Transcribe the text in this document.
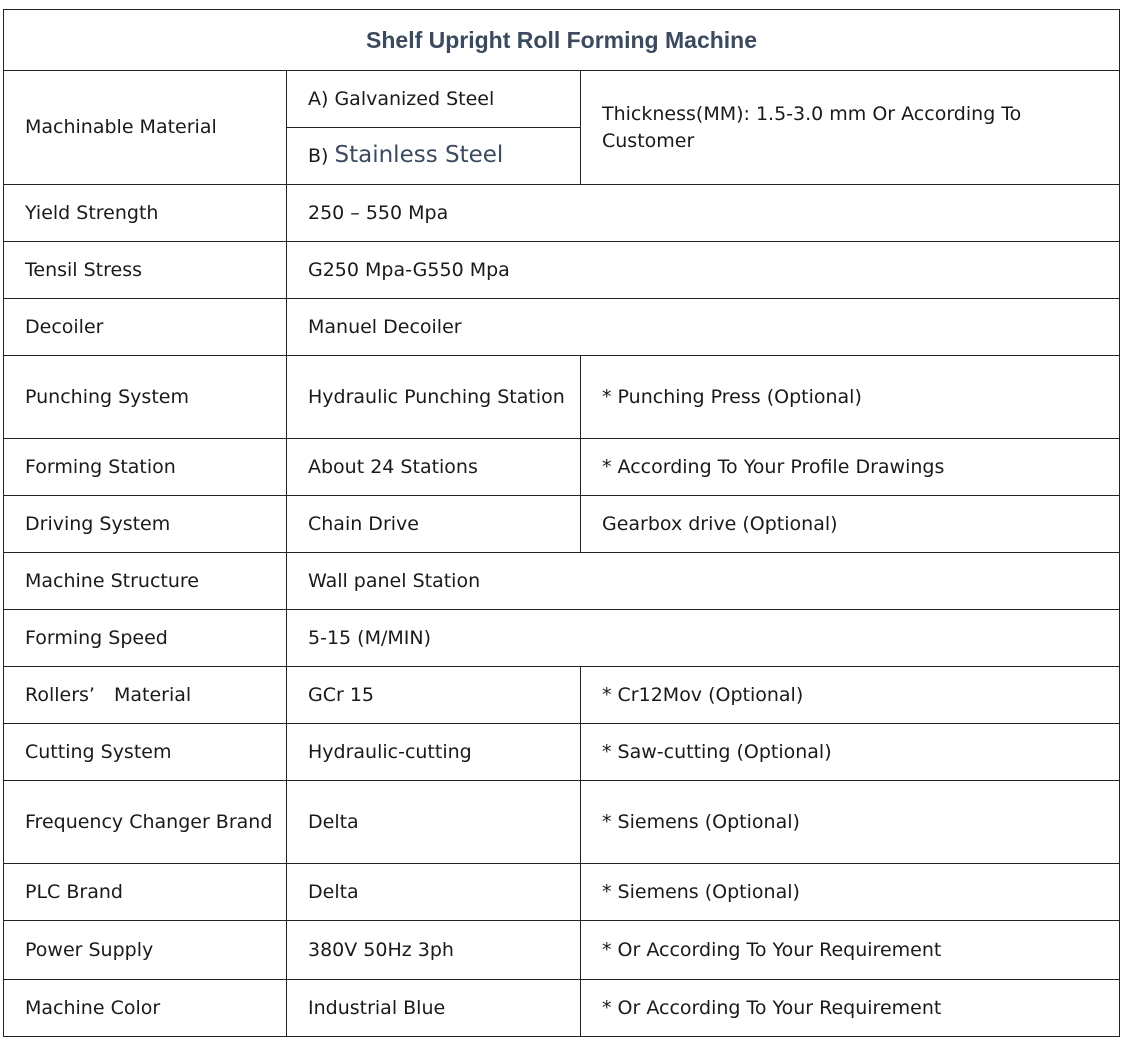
Shelf Upright Roll Forming Machine		
Machinable Material	A) Galvanized Steel	Thickness(MM): 1.5-3.0 mm Or According To Customer
	B) Stainless Steel	
Yield Strength	250 – 550 Mpa	
Tensil Stress	G250 Mpa-G550 Mpa	
Decoiler	Manuel Decoiler	
Punching System	Hydraulic Punching Station	* Punching Press (Optional)
Forming Station	About 24 Stations	* According To Your Profile Drawings
Driving System	Chain Drive	Gearbox drive (Optional)
Machine Structure	Wall panel Station	
Forming Speed	5-15 (M/MIN)	
Rollers’　Material	GCr 15	* Cr12Mov (Optional)
Cutting System	Hydraulic-cutting	* Saw-cutting (Optional)
Frequency Changer Brand	Delta	* Siemens (Optional)
PLC Brand	Delta	* Siemens (Optional)
Power Supply	380V 50Hz 3ph	* Or According To Your Requirement
Machine Color	Industrial Blue	* Or According To Your Requirement
